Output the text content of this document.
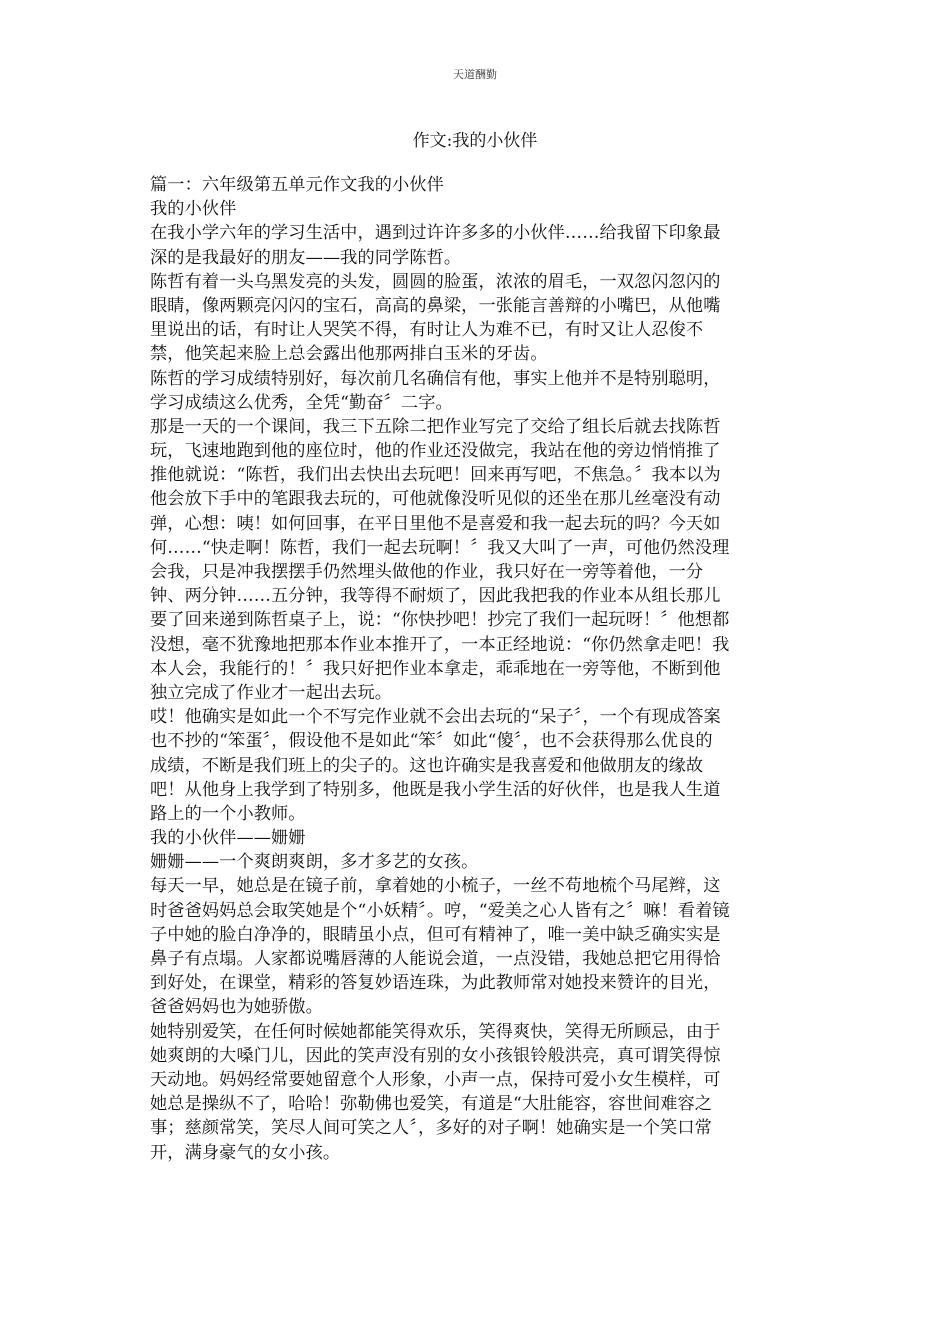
天道酬勤
作文:我的小伙伴
篇一：六年级第五单元作文我的小伙伴
我的小伙伴
在我小学六年的学习生活中，遇到过许许多多的小伙伴……给我留下印象最
深的是我最好的朋友——我的同学陈哲。
陈哲有着一头乌黑发亮的头发，圆圆的脸蛋，浓浓的眉毛，一双忽闪忽闪的
眼睛，像两颗亮闪闪的宝石，高高的鼻梁，一张能言善辩的小嘴巴，从他嘴
里说出的话，有时让人哭笑不得，有时让人为难不已，有时又让人忍俊不
禁，他笑起来脸上总会露出他那两排白玉米的牙齿。
陈哲的学习成绩特别好，每次前几名确信有他，事实上他并不是特别聪明，
学习成绩这么优秀，全凭“勤奋〞二字。
那是一天的一个课间，我三下五除二把作业写完了交给了组长后就去找陈哲
玩，飞速地跑到他的座位时，他的作业还没做完，我站在他的旁边悄悄推了
推他就说：“陈哲，我们出去快出去玩吧！回来再写吧，不焦急。〞我本以为
他会放下手中的笔跟我去玩的，可他就像没听见似的还坐在那儿丝毫没有动
弹，心想：咦！如何回事，在平日里他不是喜爱和我一起去玩的吗？今天如
何……“快走啊！陈哲，我们一起去玩啊！〞我又大叫了一声，可他仍然没理
会我，只是冲我摆摆手仍然埋头做他的作业，我只好在一旁等着他，一分
钟、两分钟……五分钟，我等得不耐烦了，因此我把我的作业本从组长那儿
要了回来递到陈哲桌子上，说：“你快抄吧！抄完了我们一起玩呀！〞他想都
没想，毫不犹豫地把那本作业本推开了，一本正经地说：“你仍然拿走吧！我
本人会，我能行的！〞我只好把作业本拿走，乖乖地在一旁等他，不断到他
独立完成了作业才一起出去玩。
哎！他确实是如此一个不写完作业就不会出去玩的“呆子〞，一个有现成答案
也不抄的“笨蛋〞，假设他不是如此“笨〞如此“傻〞，也不会获得那么优良的
成绩，不断是我们班上的尖子的。这也许确实是我喜爱和他做朋友的缘故
吧！从他身上我学到了特别多，他既是我小学生活的好伙伴，也是我人生道
路上的一个小教师。
我的小伙伴——姗姗
姗姗——一个爽朗爽朗，多才多艺的女孩。
每天一早，她总是在镜子前，拿着她的小梳子，一丝不苟地梳个马尾辫，这
时爸爸妈妈总会取笑她是个“小妖精〞。哼，“爱美之心人皆有之〞嘛！看着镜
子中她的脸白净净的，眼睛虽小点，但可有精神了，唯一美中缺乏确实实是
鼻子有点塌。人家都说嘴唇薄的人能说会道，一点没错，我她总把它用得恰
到好处，在课堂，精彩的答复妙语连珠，为此教师常对她投来赞许的目光，
爸爸妈妈也为她骄傲。
她特别爱笑，在任何时候她都能笑得欢乐，笑得爽快，笑得无所顾忌，由于
她爽朗的大嗓门儿，因此的笑声没有别的女小孩银铃般洪亮，真可谓笑得惊
天动地。妈妈经常要她留意个人形象，小声一点，保持可爱小女生模样，可
她总是操纵不了，哈哈！弥勒佛也爱笑，有道是“大肚能容，容世间难容之
事；慈颜常笑，笑尽人间可笑之人〞，多好的对子啊！她确实是一个笑口常
开，满身豪气的女小孩。
